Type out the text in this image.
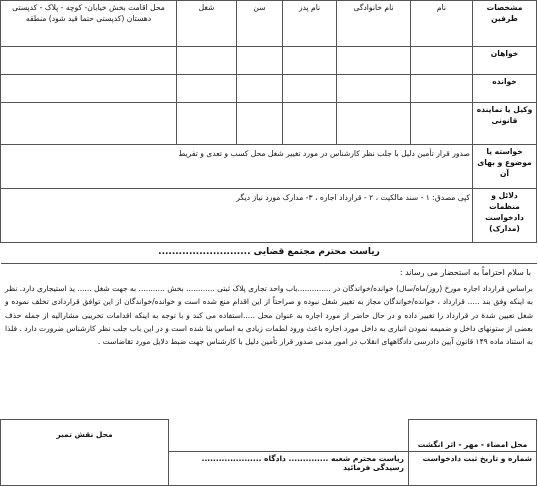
مشخصات طرفین	نام	نام خانوادگی	نام پدر	سن	شغل	محل اقامت بخش خیابان- کوچه - پلاک - کدپستی دهستان (کدپستی حتما قید شود) منطقه
خواهان						
خوانده						
وکیل یا نماینده قانونی						
خواسته یا موضوع و بهای آن	صدور قرار تأمین دلیل با جلب نظر کارشناس در مورد تغییر شغل محل کسب و تعدی و تفریط					
دلائل و منظمات دادخواست (مدارک)	کپی مصدق: ۱ - سند مالکیت ، ۲ - قرارداد اجاره ، ۳- مدارک مورد نیاز دیگر					
ریاست محترم مجتمع قضایی ...........................
با سلام احتراماً به استحضار می رساند :
براساس قرارداد اجاره مورخ (روز/ماه/سال) خوانده/خواندگان در ..............باب واحد تجاری پلاک ثبتی ............ بخش ........... به جهت شغل ...... ید استیجاری دارد. نظر به اینکه وفق بند ..... قرارداد ، خوانده/خواندگان مجاز به تغییر شغل نبوده و صراحتاً از این اقدام منع شده است و خوانده/خواندگان از این توافق قراردادی تخلف نموده و شغل تعیین شدهٔ در قرارداد را تغییر داده و در حال حاضر از مورد اجاره به عنوان محل .....استفاده می کند و با توجه به اینکه اقدامات تخریبی مشارالیه از جمله حذف بعضی از ستونهای داخل و ضمیمه نمودن انباری به داخل مورد اجاره باعث ورود لطمات زیادی به اساس بنا شده است و در این باب جلب نظر کارشناس ضرورت دارد . فلذا به استناد ماده ۱۴۹ قانون آیین دادرسی دادگاههای انقلاب در امور مدنی صدور قرار تأمین دلیل با کارشناس جهت ضبط دلایل مورد تقاضاست .
محل امضاء - مهر - اثر انگشت		محل نقش تمبر

شماره و تاریخ ثبت دادخواست	ریاست محترم شعبه .............. دادگاه ..................... رسیدگی فرمائید	
